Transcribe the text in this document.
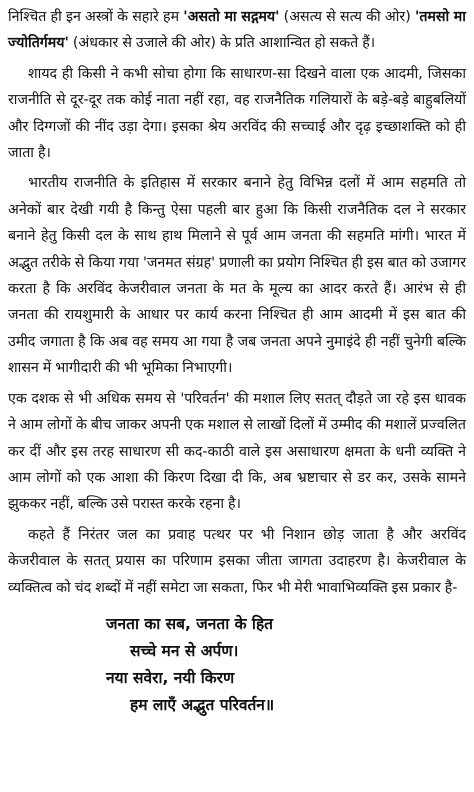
निश्चित ही इन अस्त्रों के सहारे हम 'असतो मा सद्गमय' (असत्य से सत्य की ओर) 'तमसो मा ज्योतिर्गमय' (अंधकार से उजाले की ओर) के प्रति आशान्वित हो सकते हैं।

शायद ही किसी ने कभी सोचा होगा कि साधारण-सा दिखने वाला एक आदमी, जिसका राजनीति से दूर-दूर तक कोई नाता नहीं रहा, वह राजनैतिक गलियारों के बड़े-बड़े बाहुबलियों और दिग्गजों की नींद उड़ा देगा। इसका श्रेय अरविंद की सच्चाई और दृढ़ इच्छाशक्ति को ही जाता है।

भारतीय राजनीति के इतिहास में सरकार बनाने हेतु विभिन्न दलों में आम सहमति तो अनेकों बार देखी गयी है किन्तु ऐसा पहली बार हुआ कि किसी राजनैतिक दल ने सरकार बनाने हेतु किसी दल के साथ हाथ मिलाने से पूर्व आम जनता की सहमति मांगी। भारत में अद्भुत तरीके से किया गया 'जनमत संग्रह' प्रणाली का प्रयोग निश्चित ही इस बात को उजागर करता है कि अरविंद केजरीवाल जनता के मत के मूल्य का आदर करते हैं। आरंभ से ही जनता की रायशुमारी के आधार पर कार्य करना निश्चित ही आम आदमी में इस बात की उमीद जगाता है कि अब वह समय आ गया है जब जनता अपने नुमाइंदे ही नहीं चुनेगी बल्कि शासन में भागीदारी की भी भूमिका निभाएगी।

एक दशक से भी अधिक समय से 'परिवर्तन' की मशाल लिए सतत् दौड़ते जा रहे इस धावक ने आम लोगों के बीच जाकर अपनी एक मशाल से लाखों दिलों में उम्मीद की मशालें प्रज्वलित कर दीं और इस तरह साधारण सी कद-काठी वाले इस असाधारण क्षमता के धनी व्यक्ति ने आम लोगों को एक आशा की किरण दिखा दी कि, अब भ्रष्टाचार से डर कर, उसके सामने झुककर नहीं, बल्कि उसे परास्त करके रहना है।

कहते हैं निरंतर जल का प्रवाह पत्थर पर भी निशान छोड़ जाता है और अरविंद केजरीवाल के सतत् प्रयास का परिणाम इसका जीता जागता उदाहरण है। केजरीवाल के व्यक्तित्व को चंद शब्दों में नहीं समेटा जा सकता, फिर भी मेरी भावाभिव्यक्ति इस प्रकार है-

जनता का सब, जनता के हित
सच्चे मन से अर्पण।
नया सवेरा, नयी किरण
हम लाएँ अद्भुत परिवर्तन॥
